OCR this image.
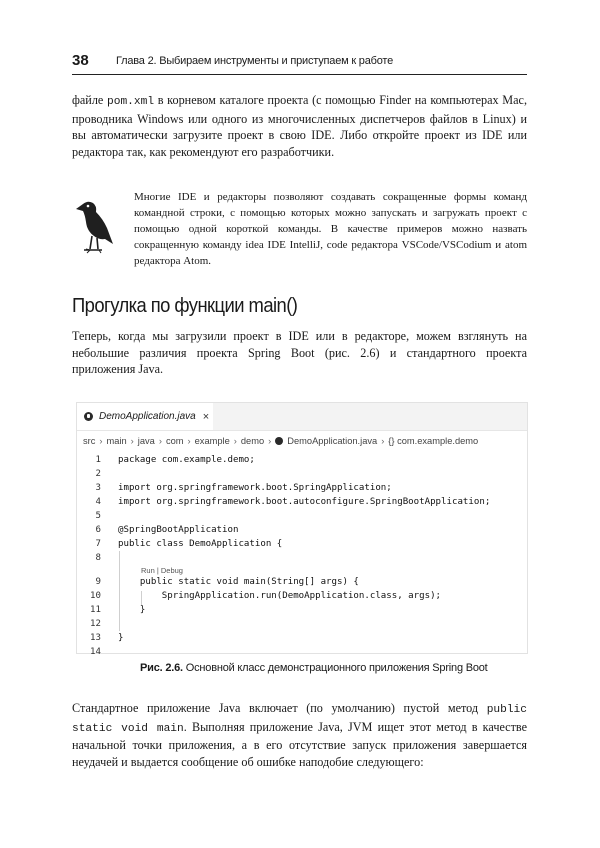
38 Глава 2. Выбираем инструменты и приступаем к работе

файле pom.xml в корневом каталоге проекта (с помощью Finder на компьютерах Mac, проводника Windows или одного из многочисленных диспетчеров файлов в Linux) и вы автоматически загрузите проект в свою IDE. Либо откройте проект из IDE или редактора так, как рекомендуют его разработчики.

Многие IDE и редакторы позволяют создавать сокращенные формы команд командной строки, с помощью которых можно запускать и загружать проект с помощью одной короткой команды. В качестве примеров можно назвать сокращенную команду idea IDE IntelliJ, code редактора VSCode/VSCodium и atom редактора Atom.
Прогулка по функции main()

Теперь, когда мы загрузили проект в IDE или в редакторе, можем взглянуть на небольшие различия проекта Spring Boot (рис. 2.6) и стандартного проекта приложения Java.

DemoApplication.java ×
src › main › java › com › example › demo › DemoApplication.java › {} com.example.demo
1 package com.example.demo;
2
3 import org.springframework.boot.SpringApplication;
4 import org.springframework.boot.autoconfigure.SpringBootApplication;
5
6 @SpringBootApplication
7 public class DemoApplication {
8
9 public static void main(String[] args) {
10 SpringApplication.run(DemoApplication.class, args);
11 }
12
13 }
14
Run | Debug
Рис. 2.6. Основной класс демонстрационного приложения Spring Boot

Стандартное приложение Java включает (по умолчанию) пустой метод public static void main. Выполняя приложение Java, JVM ищет этот метод в качестве начальной точки приложения, а в его отсутствие запуск приложения завершается неудачей и выдается сообщение об ошибке наподобие следующего:
